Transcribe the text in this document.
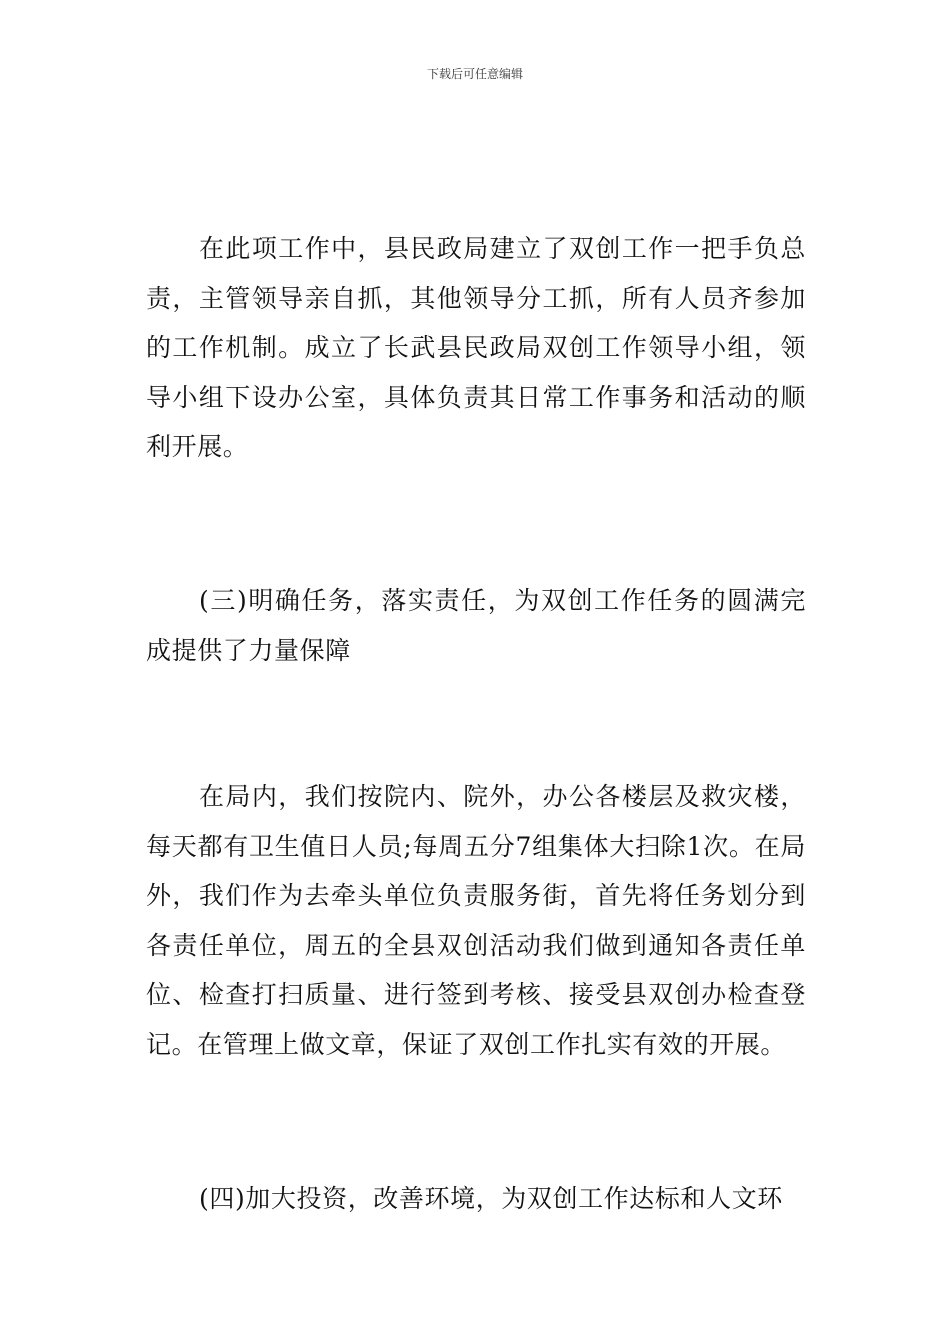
下载后可任意编辑

在此项工作中，县民政局建立了双创工作一把手负总责，主管领导亲自抓，其他领导分工抓，所有人员齐参加的工作机制。成立了长武县民政局双创工作领导小组，领导小组下设办公室，具体负责其日常工作事务和活动的顺利开展。

(三)明确任务，落实责任，为双创工作任务的圆满完成提供了力量保障

在局内，我们按院内、院外，办公各楼层及救灾楼，每天都有卫生值日人员;每周五分7组集体大扫除1次。在局外，我们作为去牵头单位负责服务街，首先将任务划分到各责任单位，周五的全县双创活动我们做到通知各责任单位、检查打扫质量、进行签到考核、接受县双创办检查登记。在管理上做文章，保证了双创工作扎实有效的开展。

(四)加大投资，改善环境，为双创工作达标和人文环
